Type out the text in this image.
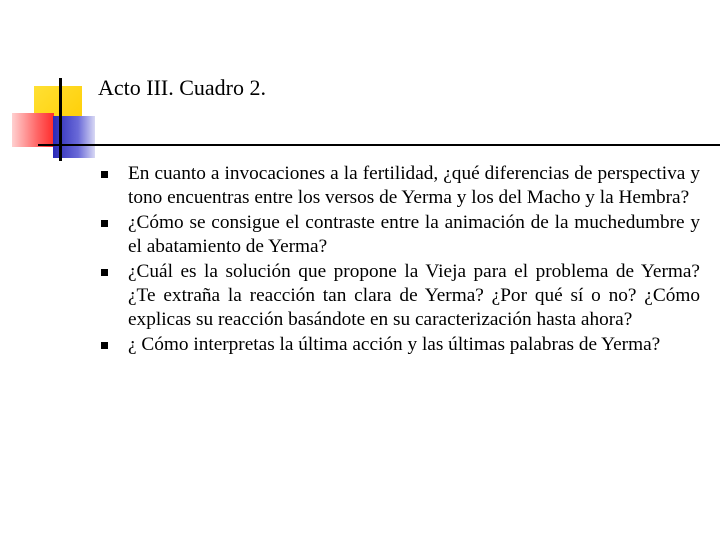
Acto III. Cuadro 2.
En cuanto a invocaciones a la fertilidad, ¿qué diferencias de perspectiva y tono encuentras entre los versos de Yerma y los del Macho y la Hembra?
¿Cómo se consigue el contraste entre la animación de la muchedumbre y el abatamiento de Yerma?
¿Cuál es la solución que propone la Vieja para el problema de Yerma? ¿Te extraña la reacción tan clara de Yerma? ¿Por qué sí o no? ¿Cómo explicas su reacción basándote en su caracterización hasta ahora?
¿ Cómo interpretas la última acción y las últimas palabras de Yerma?
